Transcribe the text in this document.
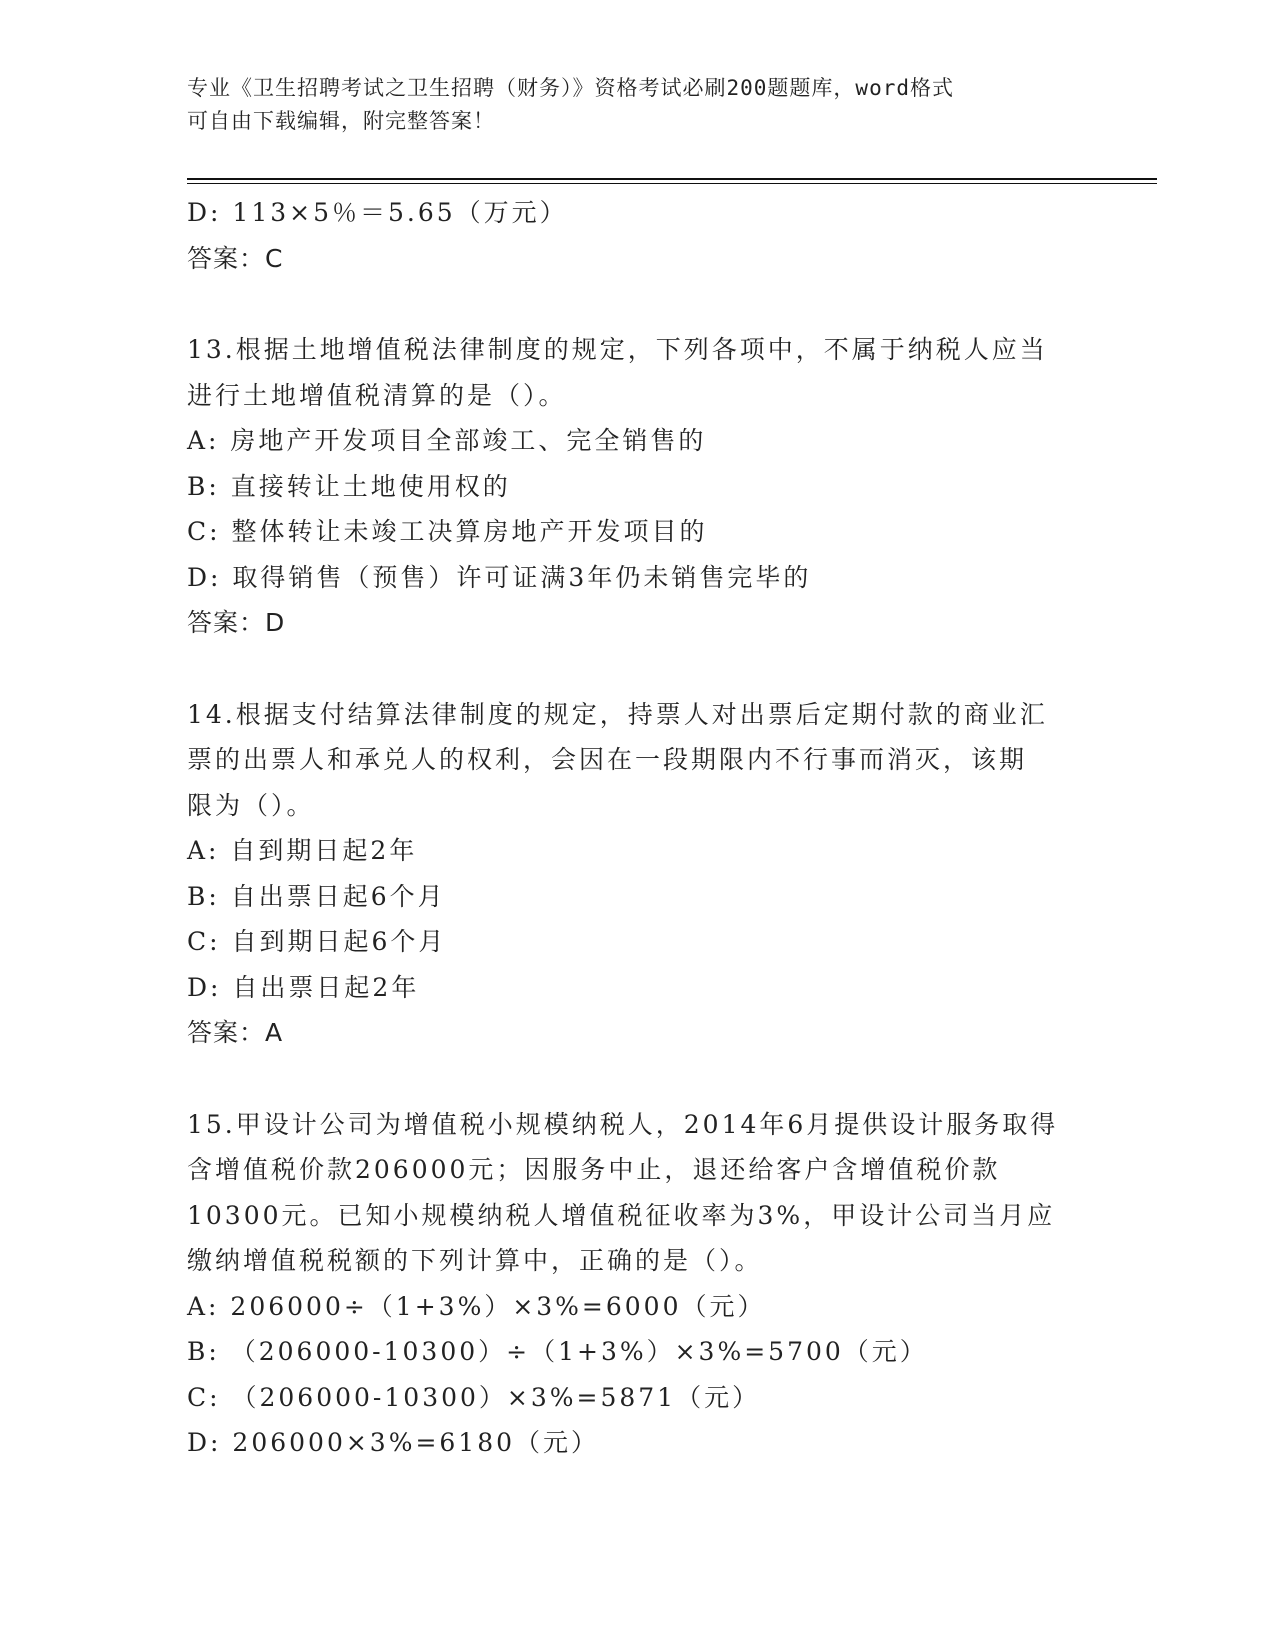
专业《卫生招聘考试之卫生招聘（财务）》资格考试必刷200题题库，word格式
可自由下载编辑，附完整答案！
D: 113×5％＝5.65（万元）
答案：C
13.根据土地增值税法律制度的规定，下列各项中，不属于纳税人应当
进行土地增值税清算的是（）。
A: 房地产开发项目全部竣工、完全销售的
B: 直接转让土地使用权的
C: 整体转让未竣工决算房地产开发项目的
D: 取得销售（预售）许可证满3年仍未销售完毕的
答案：D
14.根据支付结算法律制度的规定，持票人对出票后定期付款的商业汇
票的出票人和承兑人的权利，会因在一段期限内不行事而消灭，该期
限为（）。
A: 自到期日起2年
B: 自出票日起6个月
C: 自到期日起6个月
D: 自出票日起2年
答案：A
15.甲设计公司为增值税小规模纳税人，2014年6月提供设计服务取得
含增值税价款206000元；因服务中止，退还给客户含增值税价款
10300元。已知小规模纳税人增值税征收率为3%，甲设计公司当月应
缴纳增值税税额的下列计算中，正确的是（）。
A: 206000÷（1+3%）×3%=6000（元）
B: （206000-10300）÷（1+3%）×3%=5700（元）
C: （206000-10300）×3%=5871（元）
D: 206000×3%=6180（元）
